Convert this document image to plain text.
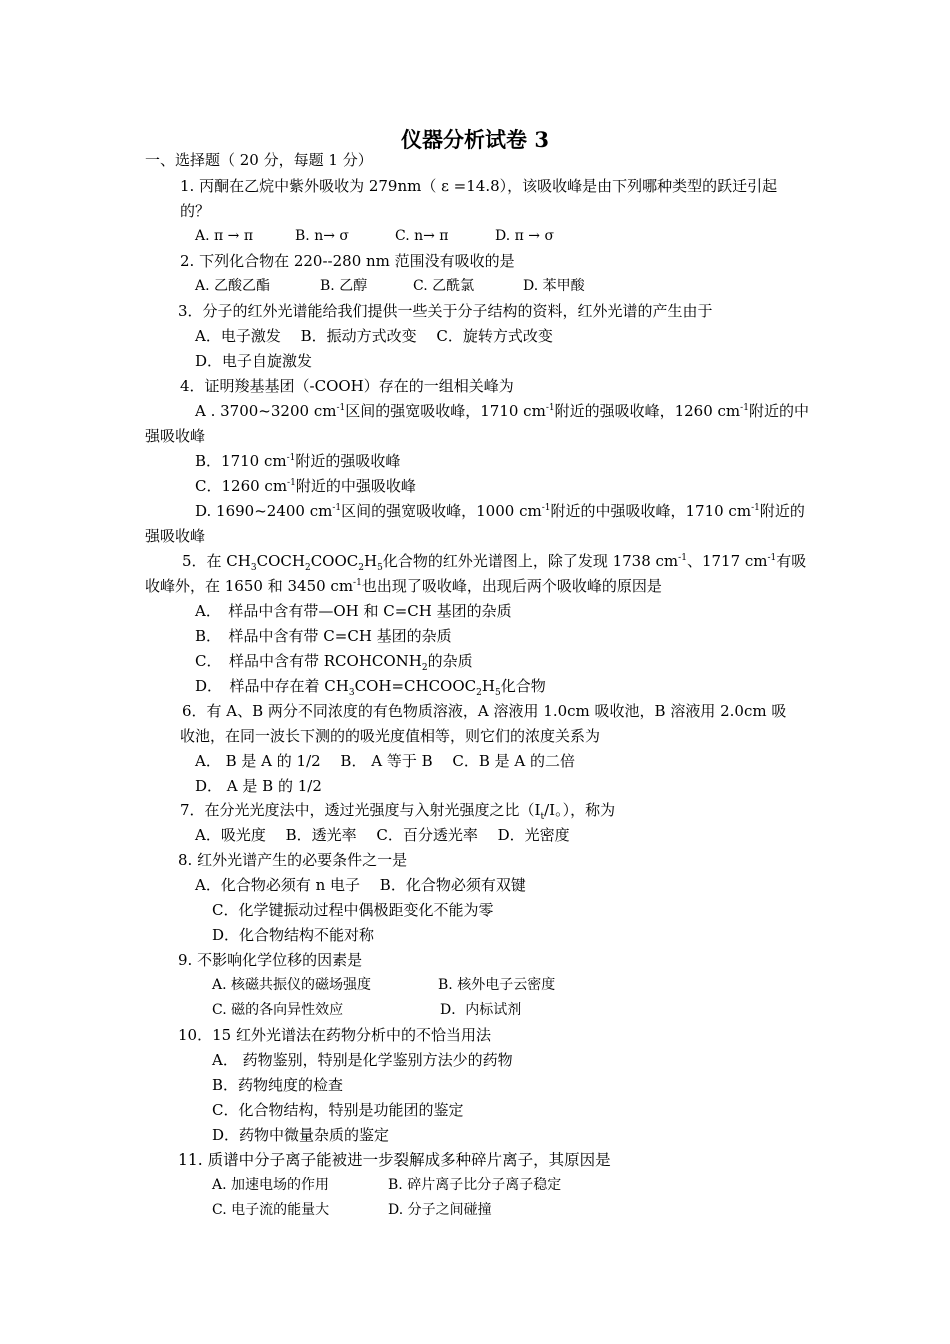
仪器分析试卷 3
一、选择题（ 20 分，每题 1 分）
1. 丙酮在乙烷中紫外吸收为 279nm（ ε =14.8），该吸收峰是由下列哪种类型的跃迁引起
的？
A. π → π	B. n→ σ	C. n→ π	D. π → σ
2. 下列化合物在 220--280 nm 范围没有吸收的是
A. 乙酸乙酯	B. 乙醇	C. 乙酰氯	D. 苯甲酸
3．分子的红外光谱能给我们提供一些关于分子结构的资料，红外光谱的产生由于
A．电子激发　 B．振动方式改变　 C．旋转方式改变
D．电子自旋激发
4．证明羧基基团（-COOH）存在的一组相关峰为
A . 3700~3200 $cm^{-1}$区间的强宽吸收峰，1710 $cm^{-1}$附近的强吸收峰，1260 $cm^{-1}$附近的中
强吸收峰
B．1710 $cm^{-1}$附近的强吸收峰
C．1260 $cm^{-1}$附近的中强吸收峰
D. 1690~2400 $cm^{-1}$区间的强宽吸收峰，1000 $cm^{-1}$附近的中强吸收峰，1710 $cm^{-1}$附近的
强吸收峰
5．在 $CH_3COCH_2COOC_2H_5$化合物的红外光谱图上，除了发现 1738 $cm^{-1}$、1717 $cm^{-1}$有吸
收峰外，在 1650 和 3450 $cm^{-1}$也出现了吸收峰，出现后两个吸收峰的原因是
A．　样品中含有带—OH 和 C=CH 基团的杂质
B．　样品中含有带 C=CH 基团的杂质
C．　样品中含有带 $RCOHCONH_2$的杂质
D．　样品中存在着 $CH_3COH=CHCOOC_2H_5$化合物
6．有 A、B 两分不同浓度的有色物质溶液，A 溶液用 1.0cm 吸收池，B 溶液用 2.0cm 吸
收池，在同一波长下测的的吸光度值相等，则它们的浓度关系为
A． B 是 A 的 1/2　 B． A 等于 B　 C．B 是 A 的二倍
D． A 是 B 的 1/2
7．在分光光度法中，透过光强度与入射光强度之比（$I_t/I$。），称为
A．吸光度　 B．透光率　 C．百分透光率　 D．光密度
8. 红外光谱产生的必要条件之一是
A．化合物必须有 n 电子　 B．化合物必须有双键
C．化学键振动过程中偶极距变化不能为零
D．化合物结构不能对称
9. 不影响化学位移的因素是
A. 核磁共振仪的磁场强度	B. 核外电子云密度
C. 磁的各向异性效应	D．内标试剂
10．15 红外光谱法在药物分析中的不恰当用法
A． 药物鉴别，特别是化学鉴别方法少的药物
B．药物纯度的检查
C．化合物结构，特别是功能团的鉴定
D．药物中微量杂质的鉴定
11. 质谱中分子离子能被进一步裂解成多种碎片离子，其原因是
A. 加速电场的作用	B. 碎片离子比分子离子稳定
C. 电子流的能量大	D. 分子之间碰撞
